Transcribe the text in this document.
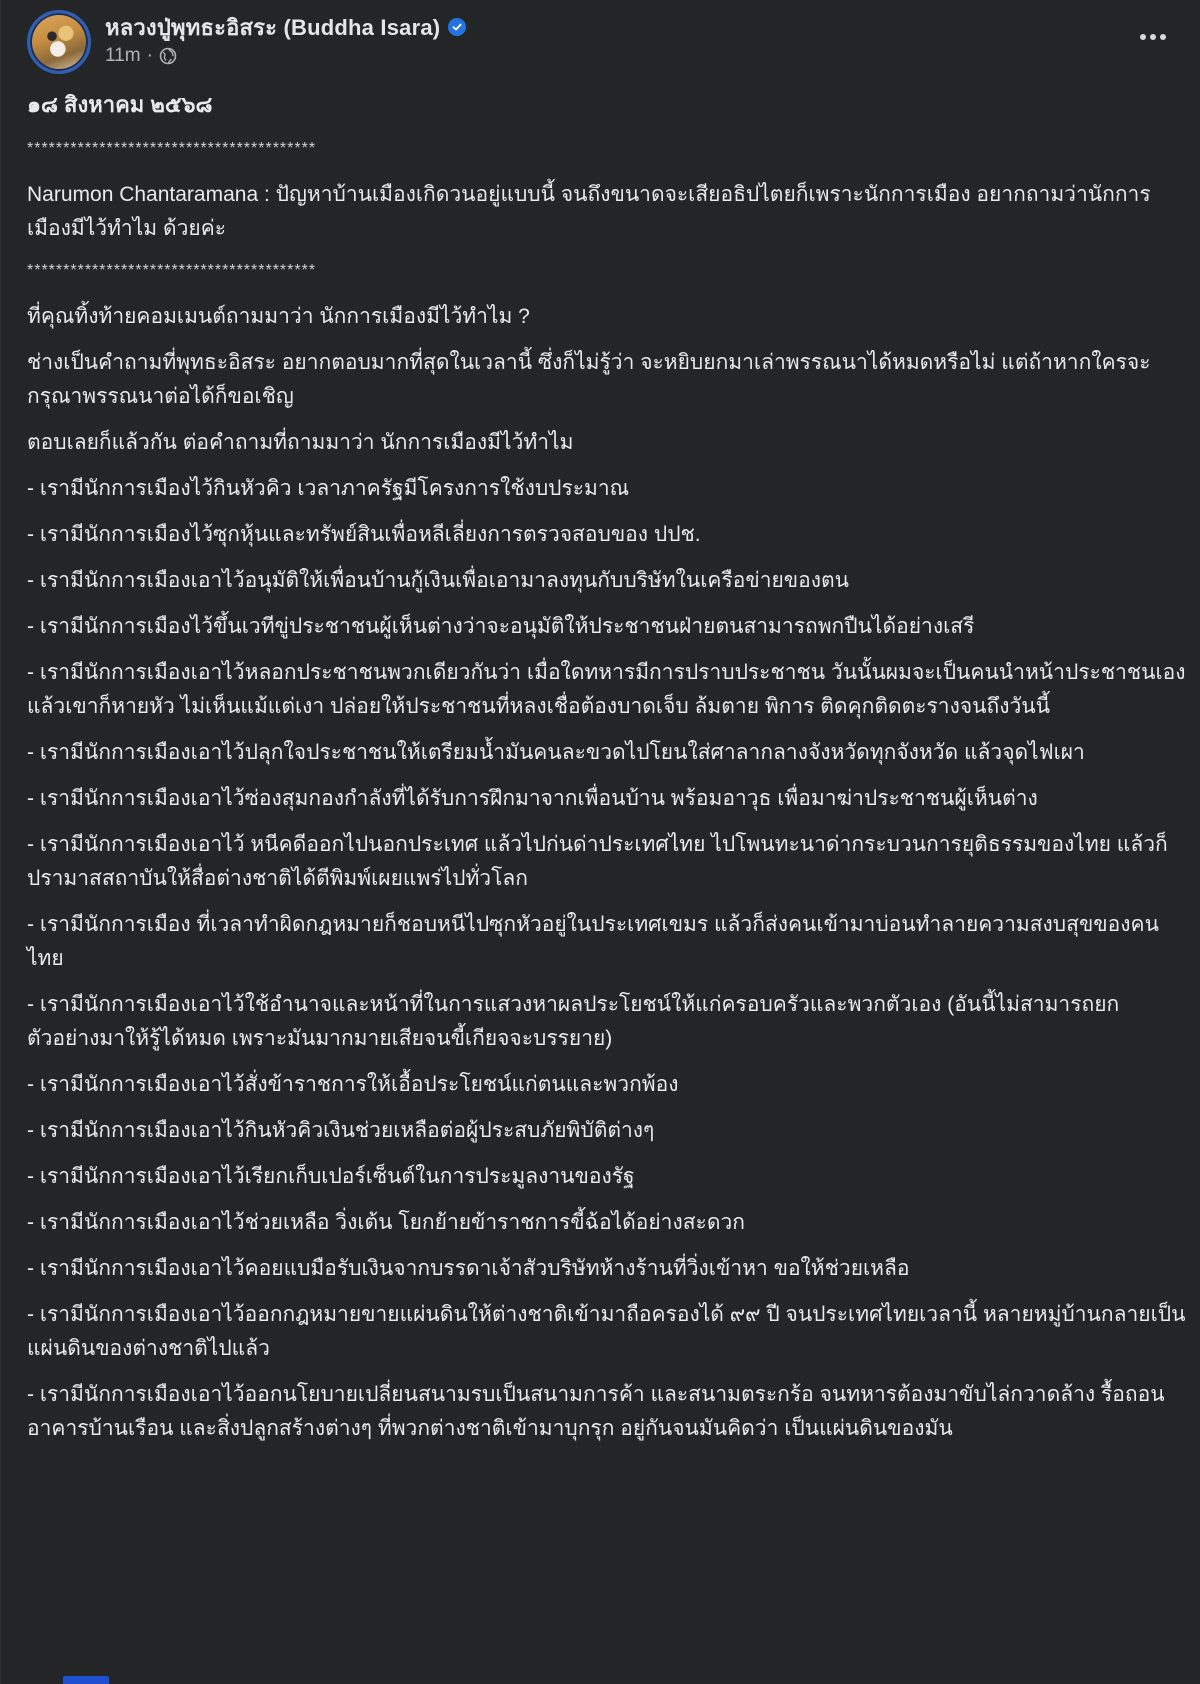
หลวงปู่พุทธะอิสระ (Buddha Isara)
11m ·

๑๘ สิงหาคม ๒๕๖๘

****************************************

Narumon Chantaramana : ปัญหาบ้านเมืองเกิดวนอยู่แบบนี้ จนถึงขนาดจะเสียอธิปไตยก็เพราะนักการเมือง อยากถามว่านักการเมืองมีไว้ทำไม ด้วยค่ะ

****************************************

ที่คุณทิ้งท้ายคอมเมนต์ถามมาว่า นักการเมืองมีไว้ทำไม ?

ช่างเป็นคำถามที่พุทธะอิสระ อยากตอบมากที่สุดในเวลานี้ ซึ่งก็ไม่รู้ว่า จะหยิบยกมาเล่าพรรณนาได้หมดหรือไม่ แต่ถ้าหากใครจะกรุณาพรรณนาต่อได้ก็ขอเชิญ

ตอบเลยก็แล้วกัน ต่อคำถามที่ถามมาว่า นักการเมืองมีไว้ทำไม

- เรามีนักการเมืองไว้กินหัวคิว เวลาภาครัฐมีโครงการใช้งบประมาณ

- เรามีนักการเมืองไว้ซุกหุ้นและทรัพย์สินเพื่อหลีเลี่ยงการตรวจสอบของ ปปช.

- เรามีนักการเมืองเอาไว้อนุมัติให้เพื่อนบ้านกู้เงินเพื่อเอามาลงทุนกับบริษัทในเครือข่ายของตน

- เรามีนักการเมืองไว้ขึ้นเวทีขู่ประชาชนผู้เห็นต่างว่าจะอนุมัติให้ประชาชนฝ่ายตนสามารถพกปืนได้อย่างเสรี

- เรามีนักการเมืองเอาไว้หลอกประชาชนพวกเดียวกันว่า เมื่อใดทหารมีการปราบประชาชน วันนั้นผมจะเป็นคนนำหน้าประชาชนเอง แล้วเขาก็หายหัว ไม่เห็นแม้แต่เงา ปล่อยให้ประชาชนที่หลงเชื่อต้องบาดเจ็บ ล้มตาย พิการ ติดคุกติดตะรางจนถึงวันนี้

- เรามีนักการเมืองเอาไว้ปลุกใจประชาชนให้เตรียมน้ำมันคนละขวดไปโยนใส่ศาลากลางจังหวัดทุกจังหวัด แล้วจุดไฟเผา

- เรามีนักการเมืองเอาไว้ซ่องสุมกองกำลังที่ได้รับการฝึกมาจากเพื่อนบ้าน พร้อมอาวุธ เพื่อมาฆ่าประชาชนผู้เห็นต่าง

- เรามีนักการเมืองเอาไว้ หนีคดีออกไปนอกประเทศ แล้วไปก่นด่าประเทศไทย ไปโพนทะนาด่ากระบวนการยุติธรรมของไทย แล้วก็ปรามาสสถาบันให้สื่อต่างชาติได้ตีพิมพ์เผยแพร่ไปทั่วโลก

- เรามีนักการเมือง ที่เวลาทำผิดกฎหมายก็ชอบหนีไปซุกหัวอยู่ในประเทศเขมร แล้วก็ส่งคนเข้ามาบ่อนทำลายความสงบสุขของคนไทย

- เรามีนักการเมืองเอาไว้ใช้อำนาจและหน้าที่ในการแสวงหาผลประโยชน์ให้แก่ครอบครัวและพวกตัวเอง (อันนี้ไม่สามารถยกตัวอย่างมาให้รู้ได้หมด เพราะมันมากมายเสียจนขี้เกียจจะบรรยาย)

- เรามีนักการเมืองเอาไว้สั่งข้าราชการให้เอื้อประโยชน์แก่ตนและพวกพ้อง

- เรามีนักการเมืองเอาไว้กินหัวคิวเงินช่วยเหลือต่อผู้ประสบภัยพิบัติต่างๆ

- เรามีนักการเมืองเอาไว้เรียกเก็บเปอร์เซ็นต์ในการประมูลงานของรัฐ

- เรามีนักการเมืองเอาไว้ช่วยเหลือ วิ่งเต้น โยกย้ายข้าราชการขี้ฉ้อได้อย่างสะดวก

- เรามีนักการเมืองเอาไว้คอยแบมือรับเงินจากบรรดาเจ้าสัวบริษัทห้างร้านที่วิ่งเข้าหา ขอให้ช่วยเหลือ

- เรามีนักการเมืองเอาไว้ออกกฎหมายขายแผ่นดินให้ต่างชาติเข้ามาถือครองได้ ๙๙ ปี จนประเทศไทยเวลานี้ หลายหมู่บ้านกลายเป็นแผ่นดินของต่างชาติไปแล้ว

- เรามีนักการเมืองเอาไว้ออกนโยบายเปลี่ยนสนามรบเป็นสนามการค้า และสนามตระกร้อ จนทหารต้องมาขับไล่กวาดล้าง รื้อถอนอาคารบ้านเรือน และสิ่งปลูกสร้างต่างๆ ที่พวกต่างชาติเข้ามาบุกรุก อยู่กันจนมันคิดว่า เป็นแผ่นดินของมัน
